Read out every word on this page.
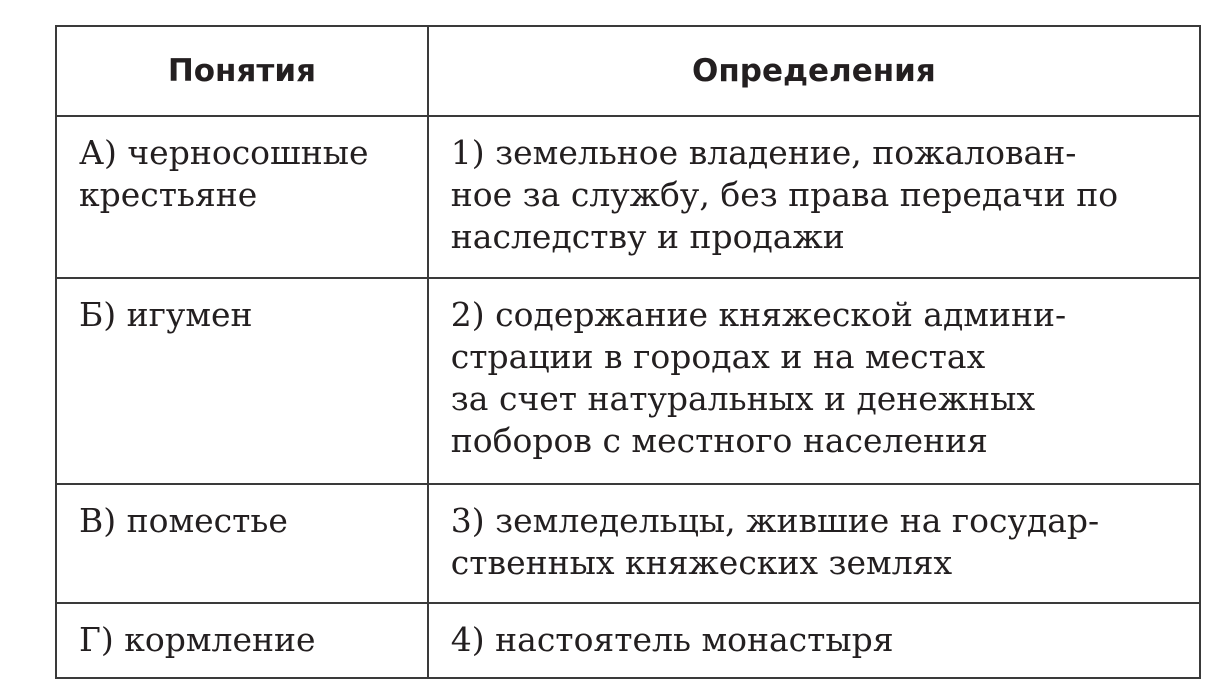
Понятия	Определения

А) черносошные
крестьяне	1) земельное владение, пожалован-
ное за службу, без права передачи по
наследству и продажи

Б) игумен	2) содержание княжеской админи-
страции в городах и на местах
за счет натуральных и денежных
поборов с местного населения

В) поместье	3) земледельцы, жившие на государ-
ственных княжеских землях

Г) кормление	4) настоятель монастыря
